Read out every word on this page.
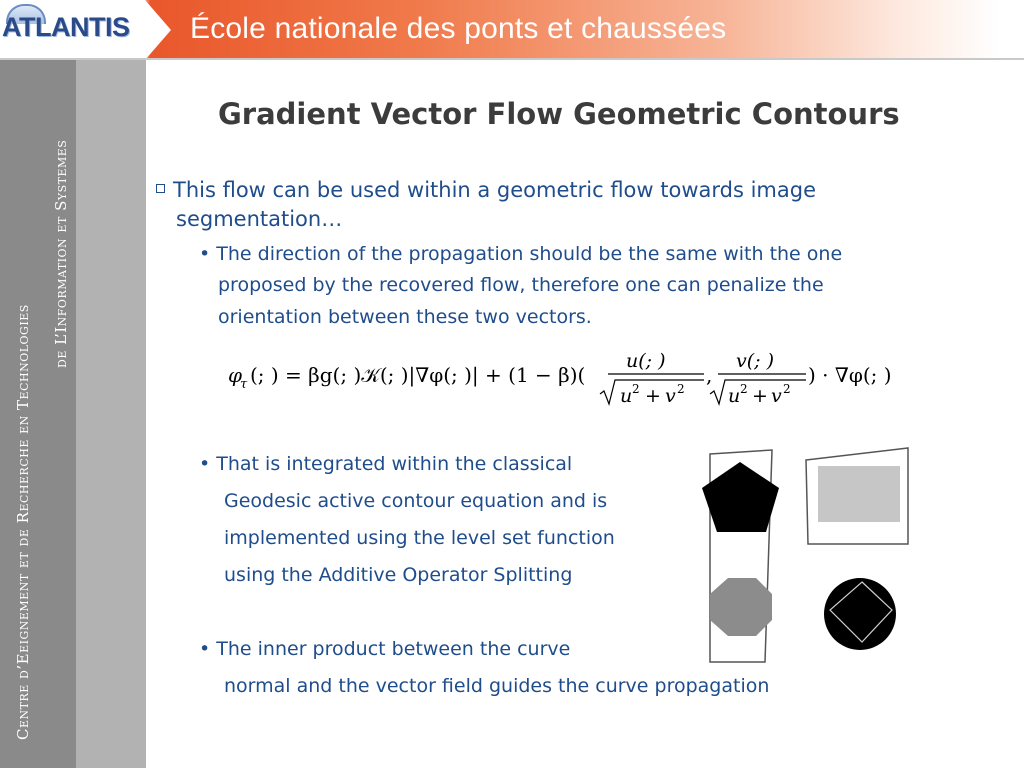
ATLANTIS École nationale des ponts et chaussées
Centre d’Eeignement et de Recherche en Technologies
de L’Information et Systemes
Gradient Vector Flow Geometric Contours
This flow can be used within a geometric flow towards image
segmentation…
• The direction of the propagation should be the same with the one
proposed by the recovered flow, therefore one can penalize the
orientation between these two vectors.
φ
τ (; ) = βg(; )𝒦(; )|∇φ(; )| + (1 − β)(
u(; )
u 2 + v 2
,
v(; )
u 2 + v 2
) · ∇φ(; )
• That is integrated within the classical
Geodesic active contour equation and is
implemented using the level set function
using the Additive Operator Splitting
• The inner product between the curve
normal and the vector field guides the curve propagation
